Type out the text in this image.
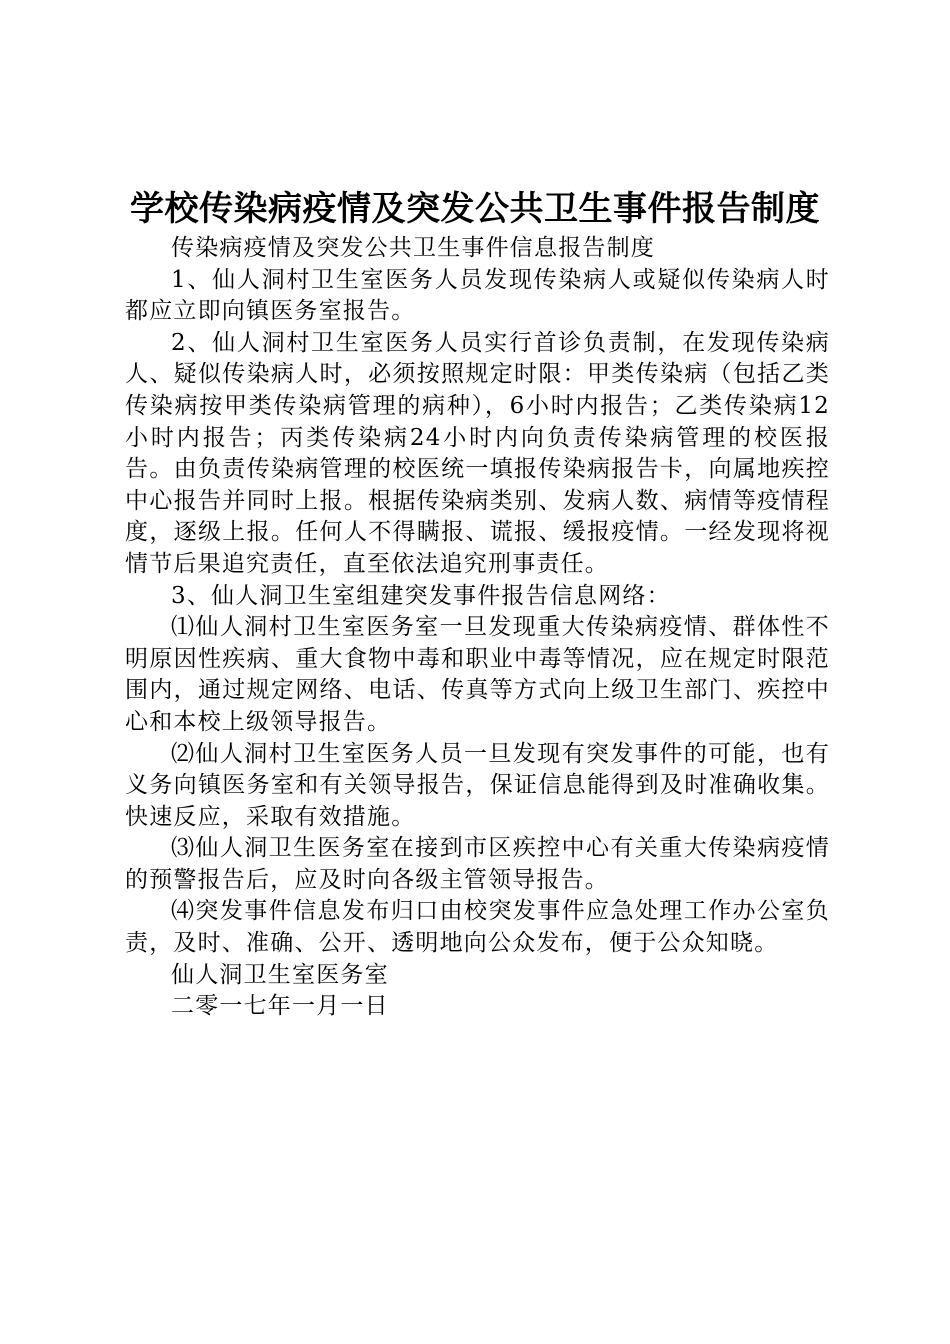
学校传染病疫情及突发公共卫生事件报告制度

传染病疫情及突发公共卫生事件信息报告制度

1、仙人洞村卫生室医务人员发现传染病人或疑似传染病人时都应立即向镇医务室报告。

2、仙人洞村卫生室医务人员实行首诊负责制，在发现传染病人、疑似传染病人时，必须按照规定时限：甲类传染病（包括乙类传染病按甲类传染病管理的病种），6小时内报告；乙类传染病12小时内报告；丙类传染病24小时内向负责传染病管理的校医报告。由负责传染病管理的校医统一填报传染病报告卡，向属地疾控中心报告并同时上报。根据传染病类别、发病人数、病情等疫情程度，逐级上报。任何人不得瞒报、谎报、缓报疫情。一经发现将视情节后果追究责任，直至依法追究刑事责任。

3、仙人洞卫生室组建突发事件报告信息网络：

⑴仙人洞村卫生室医务室一旦发现重大传染病疫情、群体性不明原因性疾病、重大食物中毒和职业中毒等情况，应在规定时限范围内，通过规定网络、电话、传真等方式向上级卫生部门、疾控中心和本校上级领导报告。

⑵仙人洞村卫生室医务人员一旦发现有突发事件的可能，也有义务向镇医务室和有关领导报告，保证信息能得到及时准确收集。快速反应，采取有效措施。

⑶仙人洞卫生医务室在接到市区疾控中心有关重大传染病疫情的预警报告后，应及时向各级主管领导报告。

⑷突发事件信息发布归口由校突发事件应急处理工作办公室负责，及时、准确、公开、透明地向公众发布，便于公众知晓。

仙人洞卫生室医务室

二零一七年一月一日
